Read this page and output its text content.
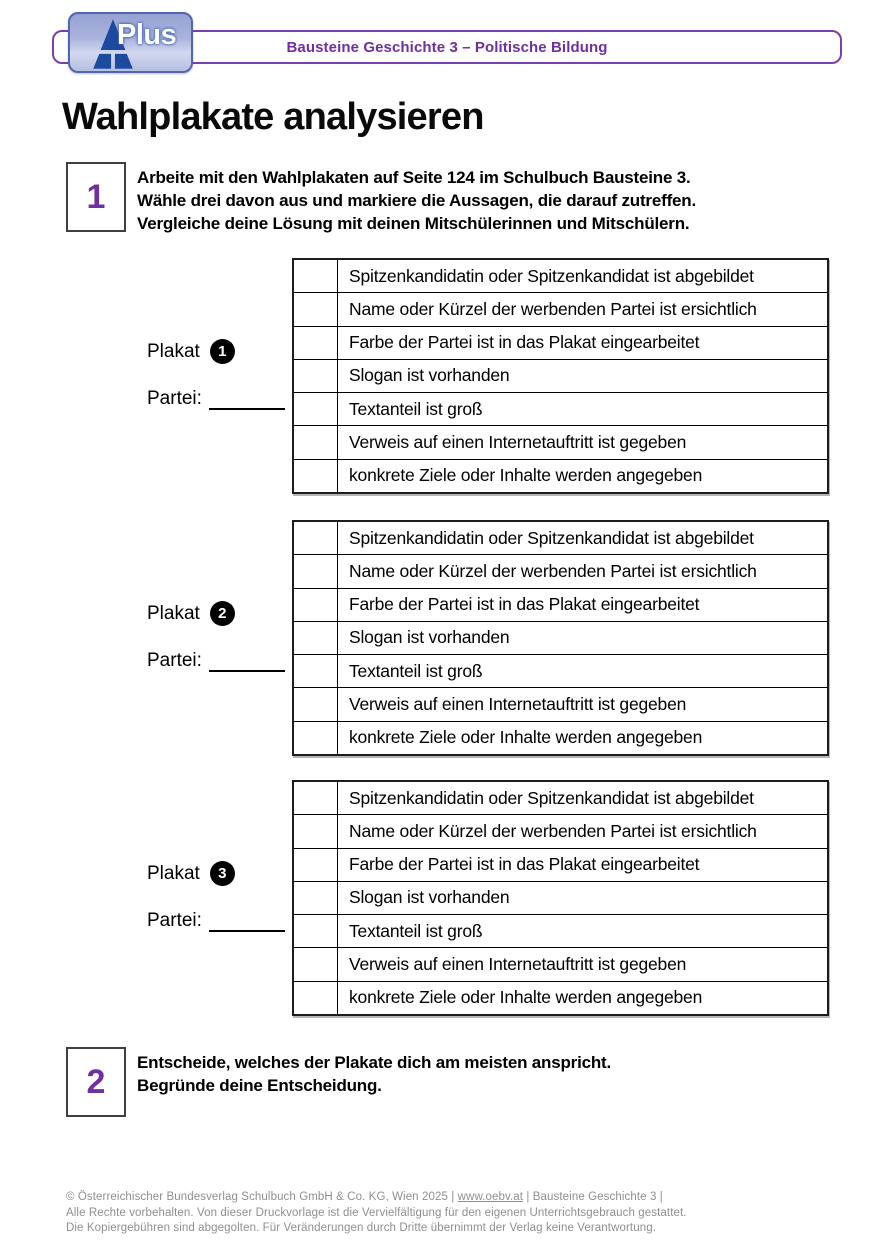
Bausteine Geschichte 3 – Politische Bildung
Plus
Wahlplakate analysieren
1 Arbeite mit den Wahlplakaten auf Seite 124 im Schulbuch Bausteine 3.
Wähle drei davon aus und markiere die Aussagen, die darauf zutreffen.
Vergleiche deine Lösung mit deinen Mitschülerinnen und Mitschülern.
Plakat	1
Partei:
Spitzenkandidatin oder Spitzenkandidat ist abgebildet
Name oder Kürzel der werbenden Partei ist ersichtlich
Farbe der Partei ist in das Plakat eingearbeitet
Slogan ist vorhanden
Textanteil ist groß
Verweis auf einen Internetauftritt ist gegeben
konkrete Ziele oder Inhalte werden angegeben
Plakat	2
Partei:
Spitzenkandidatin oder Spitzenkandidat ist abgebildet
Name oder Kürzel der werbenden Partei ist ersichtlich
Farbe der Partei ist in das Plakat eingearbeitet
Slogan ist vorhanden
Textanteil ist groß
Verweis auf einen Internetauftritt ist gegeben
konkrete Ziele oder Inhalte werden angegeben
Plakat	3
Partei:
Spitzenkandidatin oder Spitzenkandidat ist abgebildet
Name oder Kürzel der werbenden Partei ist ersichtlich
Farbe der Partei ist in das Plakat eingearbeitet
Slogan ist vorhanden
Textanteil ist groß
Verweis auf einen Internetauftritt ist gegeben
konkrete Ziele oder Inhalte werden angegeben
2 Entscheide, welches der Plakate dich am meisten anspricht.
Begründe deine Entscheidung.
© Österreichischer Bundesverlag Schulbuch GmbH & Co. KG, Wien 2025 | www.oebv.at | Bausteine Geschichte 3 |
Alle Rechte vorbehalten. Von dieser Druckvorlage ist die Vervielfältigung für den eigenen Unterrichtsgebrauch gestattet.
Die Kopiergebühren sind abgegolten. Für Veränderungen durch Dritte übernimmt der Verlag keine Verantwortung.
